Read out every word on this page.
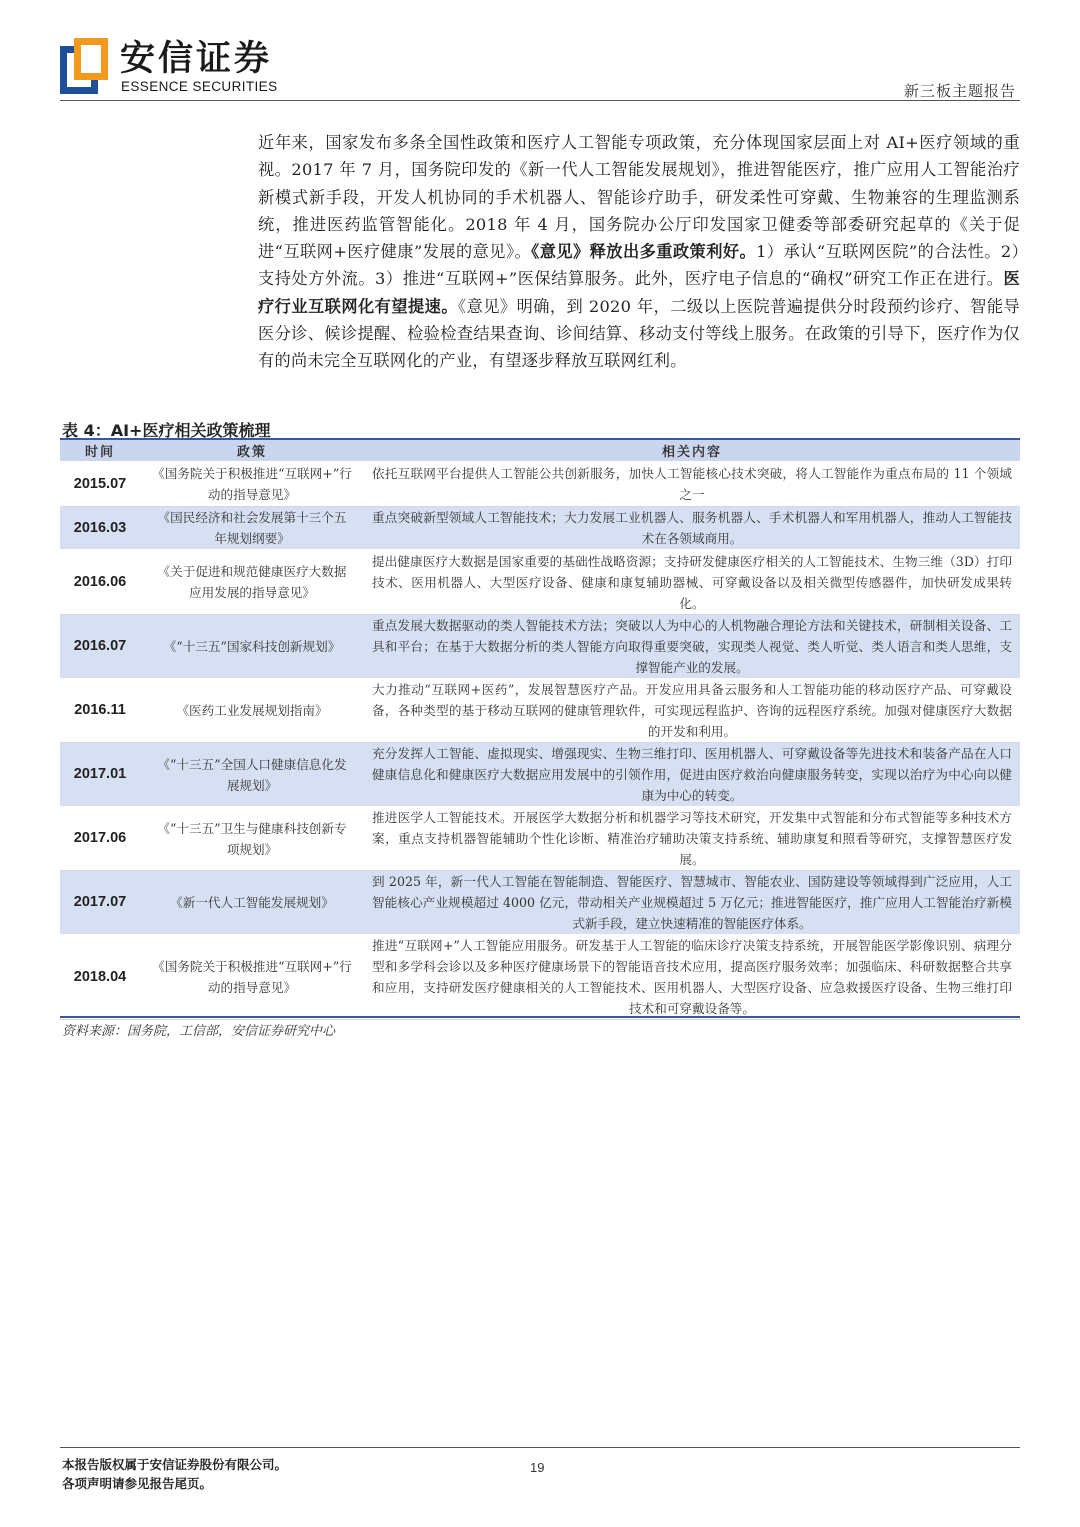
安信证券
ESSENCE SECURITIES	新三板主题报告
近年来，国家发布多条全国性政策和医疗人工智能专项政策，充分体现国家层面上对 AI+医疗领域的重视。2017 年 7 月，国务院印发的《新一代人工智能发展规划》，推进智能医疗，推广应用人工智能治疗新模式新手段，开发人机协同的手术机器人、智能诊疗助手，研发柔性可穿戴、生物兼容的生理监测系统，推进医药监管智能化。2018 年 4 月，国务院办公厅印发国家卫健委等部委研究起草的《关于促进“互联网+医疗健康”发展的意见》。《意见》释放出多重政策利好。1）承认“互联网医院”的合法性。2）支持处方外流。3）推进“互联网+”医保结算服务。此外，医疗电子信息的“确权”研究工作正在进行。医疗行业互联网化有望提速。《意见》明确，到 2020 年，二级以上医院普遍提供分时段预约诊疗、智能导医分诊、候诊提醒、检验检查结果查询、诊间结算、移动支付等线上服务。在政策的引导下，医疗作为仅有的尚未完全互联网化的产业，有望逐步释放互联网红利。
表 4：AI+医疗相关政策梳理
时间	政策	相关内容
2015.07	《国务院关于积极推进“互联网+”行动的指导意见》	依托互联网平台提供人工智能公共创新服务，加快人工智能核心技术突破，将人工智能作为重点布局的 11 个领域之一
2016.03	《国民经济和社会发展第十三个五年规划纲要》	重点突破新型领域人工智能技术；大力发展工业机器人、服务机器人、手术机器人和军用机器人，推动人工智能技术在各领域商用。
2016.06	《关于促进和规范健康医疗大数据应用发展的指导意见》	提出健康医疗大数据是国家重要的基础性战略资源；支持研发健康医疗相关的人工智能技术、生物三维（3D）打印技术、医用机器人、大型医疗设备、健康和康复辅助器械、可穿戴设备以及相关微型传感器件，加快研发成果转化。
2016.07	《“十三五”国家科技创新规划》	重点发展大数据驱动的类人智能技术方法；突破以人为中心的人机物融合理论方法和关键技术，研制相关设备、工具和平台；在基于大数据分析的类人智能方向取得重要突破，实现类人视觉、类人听觉、类人语言和类人思维，支撑智能产业的发展。
2016.11	《医药工业发展规划指南》	大力推动“互联网+医药”，发展智慧医疗产品。开发应用具备云服务和人工智能功能的移动医疗产品、可穿戴设备，各种类型的基于移动互联网的健康管理软件，可实现远程监护、咨询的远程医疗系统。加强对健康医疗大数据的开发和利用。
2017.01	《“十三五”全国人口健康信息化发展规划》	充分发挥人工智能、虚拟现实、增强现实、生物三维打印、医用机器人、可穿戴设备等先进技术和装备产品在人口健康信息化和健康医疗大数据应用发展中的引领作用，促进由医疗救治向健康服务转变，实现以治疗为中心向以健康为中心的转变。
2017.06	《“十三五”卫生与健康科技创新专项规划》	推进医学人工智能技术。开展医学大数据分析和机器学习等技术研究，开发集中式智能和分布式智能等多种技术方案，重点支持机器智能辅助个性化诊断、精准治疗辅助决策支持系统、辅助康复和照看等研究，支撑智慧医疗发展。
2017.07	《新一代人工智能发展规划》	到 2025 年，新一代人工智能在智能制造、智能医疗、智慧城市、智能农业、国防建设等领域得到广泛应用，人工智能核心产业规模超过 4000 亿元，带动相关产业规模超过 5 万亿元；推进智能医疗，推广应用人工智能治疗新模式新手段，建立快速精准的智能医疗体系。
2018.04	《国务院关于积极推进“互联网+”行动的指导意见》	推进“互联网+”人工智能应用服务。研发基于人工智能的临床诊疗决策支持系统，开展智能医学影像识别、病理分型和多学科会诊以及多种医疗健康场景下的智能语音技术应用，提高医疗服务效率；加强临床、科研数据整合共享和应用，支持研发医疗健康相关的人工智能技术、医用机器人、大型医疗设备、应急救援医疗设备、生物三维打印技术和可穿戴设备等。
资料来源：国务院，工信部，安信证券研究中心
本报告版权属于安信证券股份有限公司。
各项声明请参见报告尾页。
19
